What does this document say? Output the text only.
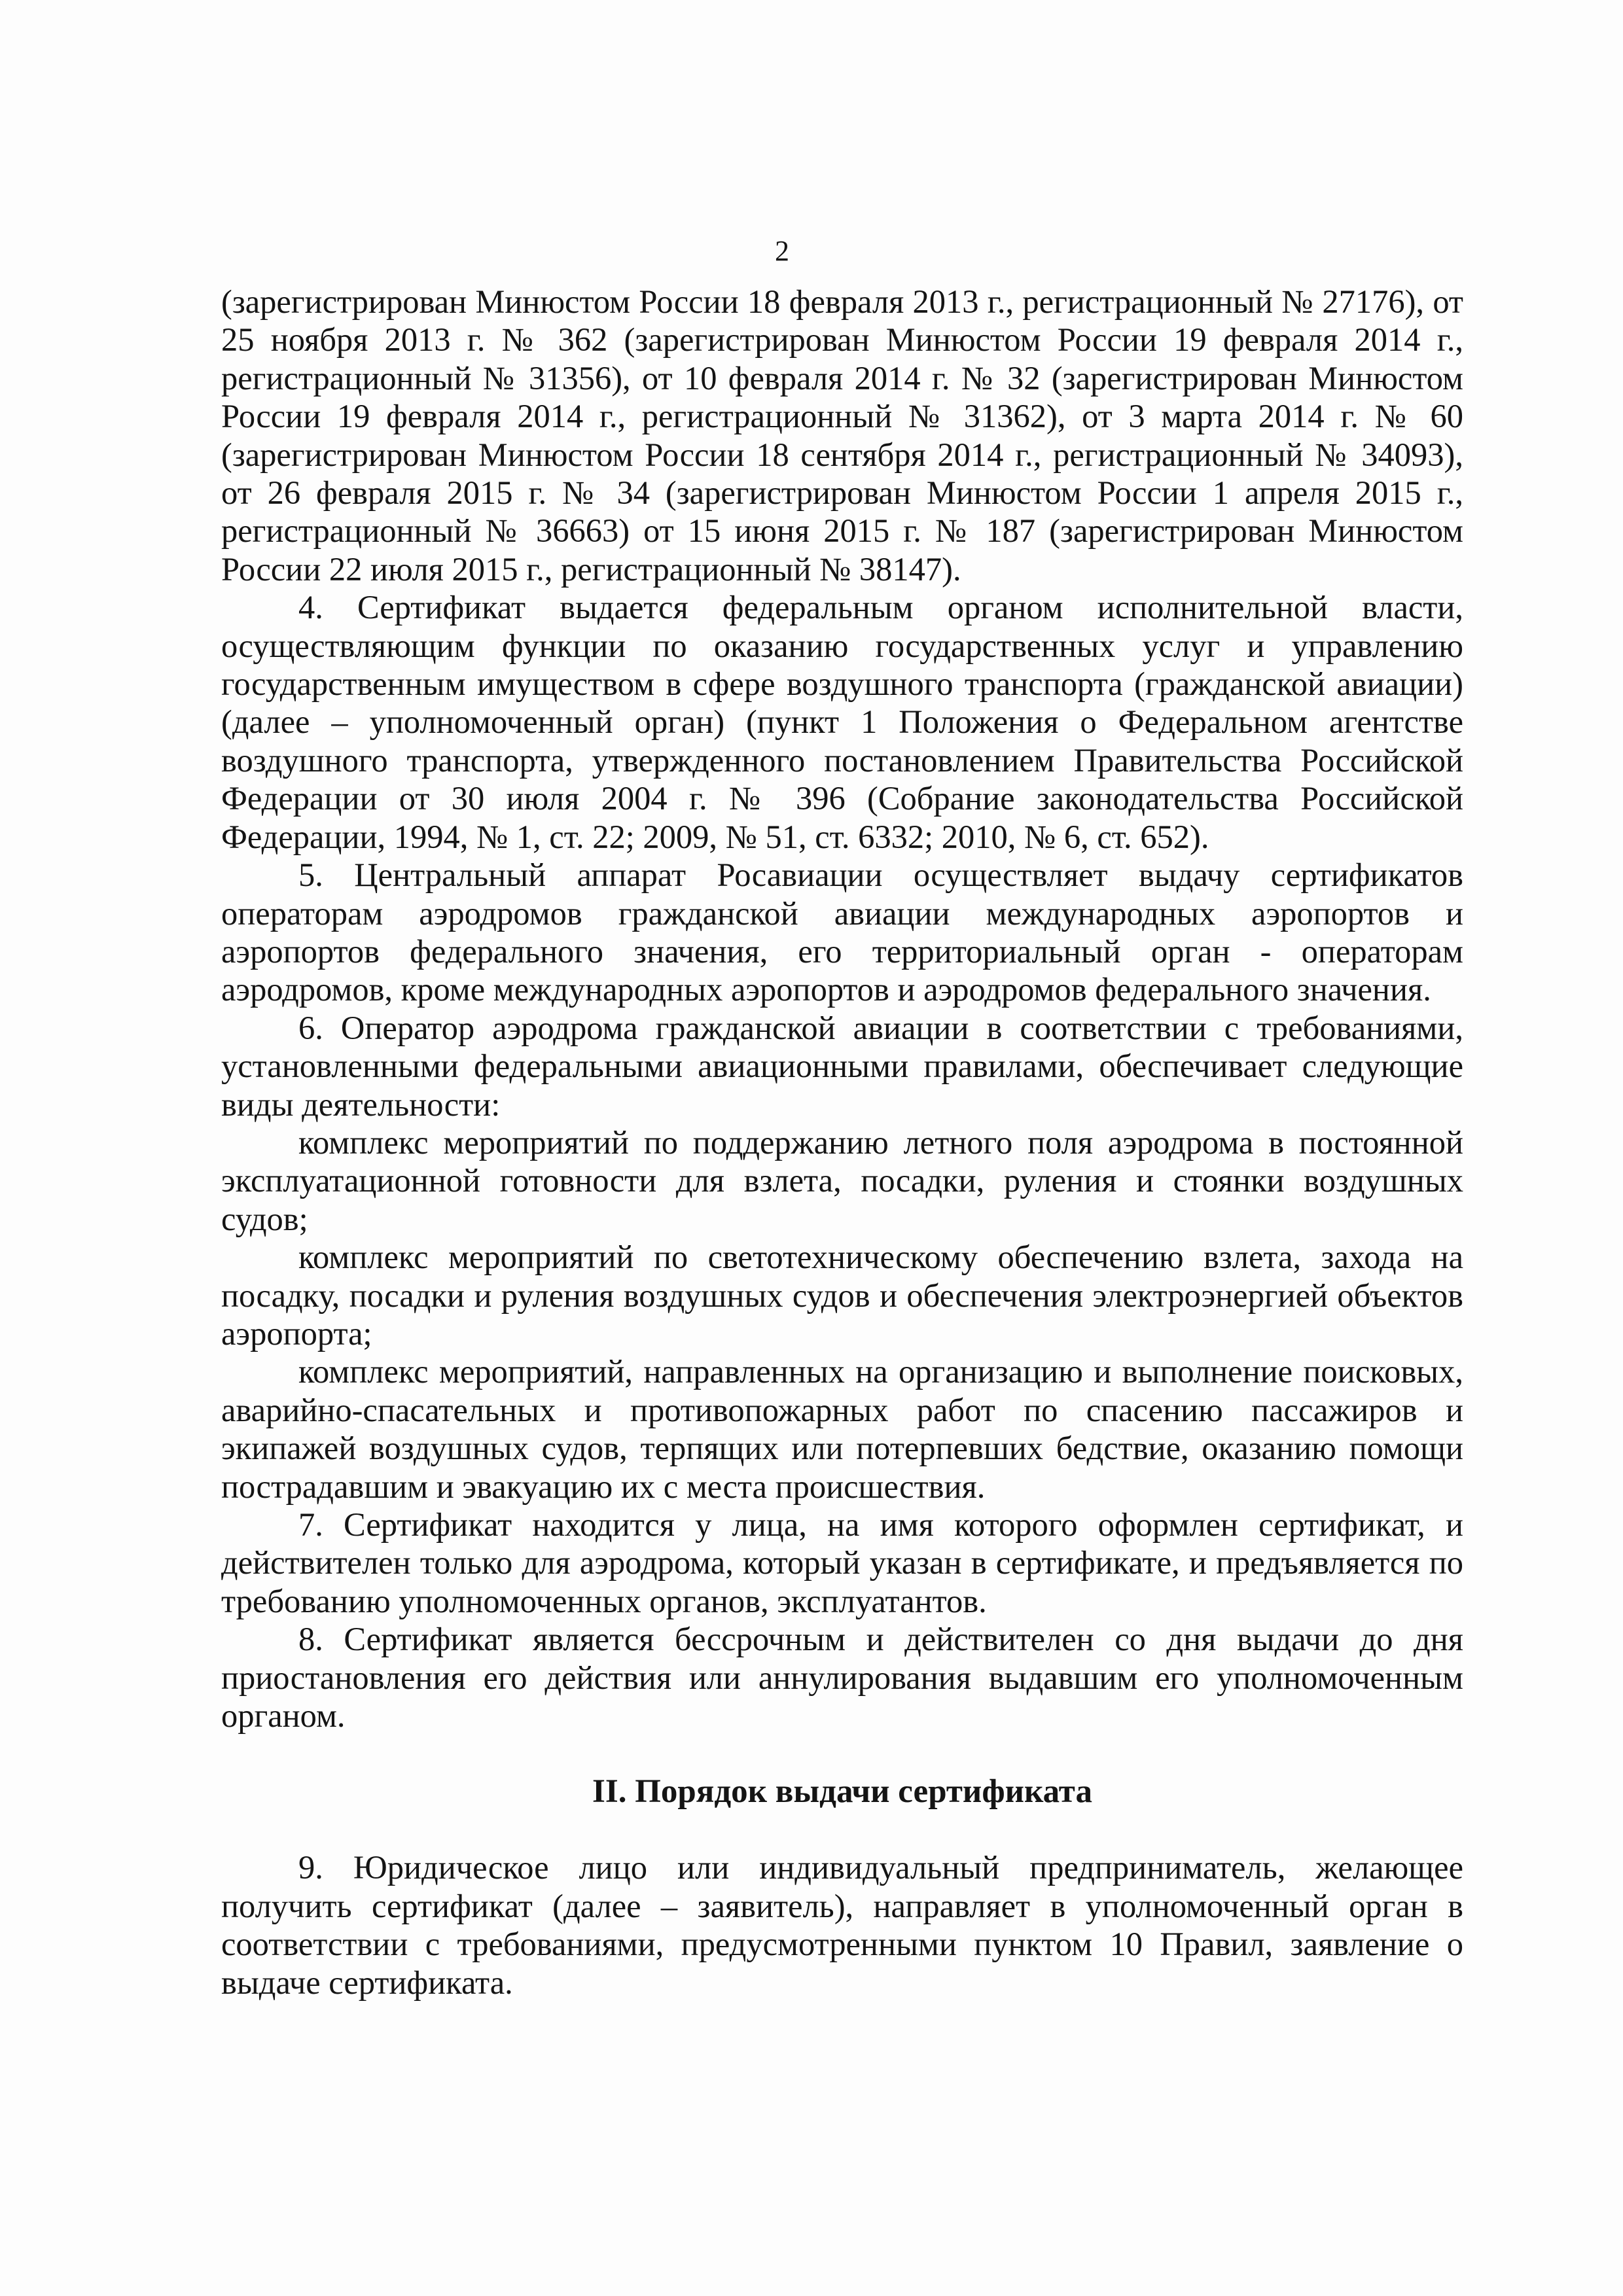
2

(зарегистрирован Минюстом России 18 февраля 2013 г., регистрационный № 27176), от 25 ноября 2013 г. № 362 (зарегистрирован Минюстом России 19 февраля 2014 г., регистрационный № 31356), от 10 февраля 2014 г. № 32 (зарегистрирован Минюстом России 19 февраля 2014 г., регистрационный № 31362), от 3 марта 2014 г. № 60 (зарегистрирован Минюстом России 18 сентября 2014 г., регистрационный № 34093), от 26 февраля 2015 г. № 34 (зарегистрирован Минюстом России 1 апреля 2015 г., регистрационный № 36663) от 15 июня 2015 г. № 187 (зарегистрирован Минюстом России 22 июля 2015 г., регистрационный № 38147).

4. Сертификат выдается федеральным органом исполнительной власти, осуществляющим функции по оказанию государственных услуг и управлению государственным имуществом в сфере воздушного транспорта (гражданской авиации) (далее – уполномоченный орган) (пункт 1 Положения о Федеральном агентстве воздушного транспорта, утвержденного постановлением Правительства Российской Федерации от 30 июля 2004 г. № 396 (Собрание законодательства Российской Федерации, 1994, № 1, ст. 22; 2009, № 51, ст. 6332; 2010, № 6, ст. 652).

5. Центральный аппарат Росавиации осуществляет выдачу сертификатов операторам аэродромов гражданской авиации международных аэропортов и аэропортов федерального значения, его территориальный орган - операторам аэродромов, кроме международных аэропортов и аэродромов федерального значения.

6. Оператор аэродрома гражданской авиации в соответствии с требованиями, установленными федеральными авиационными правилами, обеспечивает следующие виды деятельности:

комплекс мероприятий по поддержанию летного поля аэродрома в постоянной эксплуатационной готовности для взлета, посадки, руления и стоянки воздушных судов;

комплекс мероприятий по светотехническому обеспечению взлета, захода на посадку, посадки и руления воздушных судов и обеспечения электроэнергией объектов аэропорта;

комплекс мероприятий, направленных на организацию и выполнение поисковых, аварийно-спасательных и противопожарных работ по спасению пассажиров и экипажей воздушных судов, терпящих или потерпевших бедствие, оказанию помощи пострадавшим и эвакуацию их с места происшествия.

7. Сертификат находится у лица, на имя которого оформлен сертификат, и действителен только для аэродрома, который указан в сертификате, и предъявляется по требованию уполномоченных органов, эксплуатантов.

8. Сертификат является бессрочным и действителен со дня выдачи до дня приостановления его действия или аннулирования выдавшим его уполномоченным органом.

II. Порядок выдачи сертификата

9. Юридическое лицо или индивидуальный предприниматель, желающее получить сертификат (далее – заявитель), направляет в уполномоченный орган в соответствии с требованиями, предусмотренными пунктом 10 Правил, заявление о выдаче сертификата.
